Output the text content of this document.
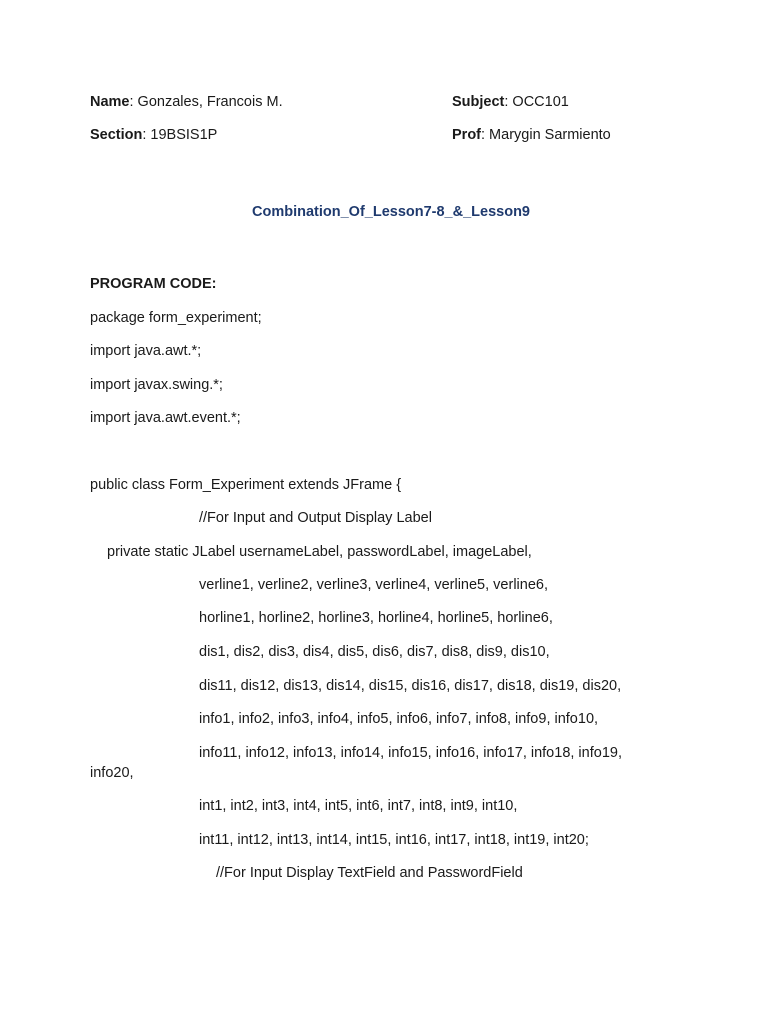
Name: Gonzales, Francois M.	Subject: OCC101
Section: 19BSIS1P	Prof: Marygin Sarmiento
Combination_Of_Lesson7-8_&_Lesson9
PROGRAM CODE:
package form_experiment;
import java.awt.*;
import javax.swing.*;
import java.awt.event.*;
public class Form_Experiment extends JFrame {
//For Input and Output Display Label
private static JLabel usernameLabel, passwordLabel, imageLabel,
verline1, verline2, verline3, verline4, verline5, verline6,
horline1, horline2, horline3, horline4, horline5, horline6,
dis1, dis2, dis3, dis4, dis5, dis6, dis7, dis8, dis9, dis10,
dis11, dis12, dis13, dis14, dis15, dis16, dis17, dis18, dis19, dis20,
info1, info2, info3, info4, info5, info6, info7, info8, info9, info10,
info11, info12, info13, info14, info15, info16, info17, info18, info19,
info20,
int1, int2, int3, int4, int5, int6, int7, int8, int9, int10,
int11, int12, int13, int14, int15, int16, int17, int18, int19, int20;
//For Input Display TextField and PasswordField
